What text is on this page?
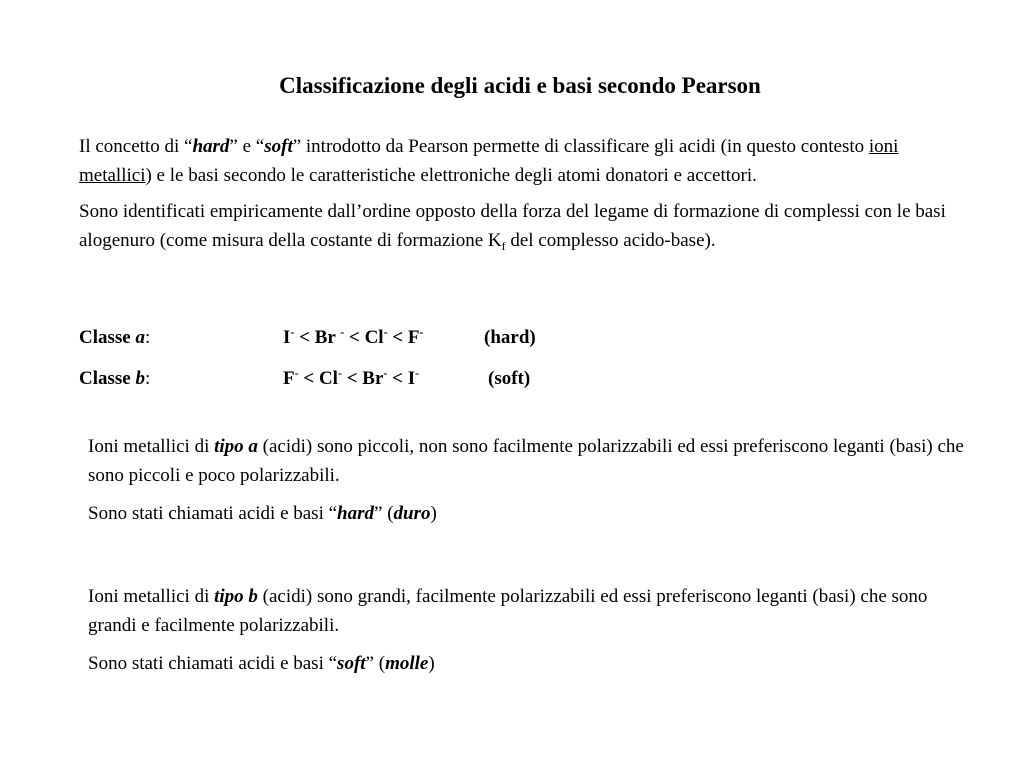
Classificazione degli acidi e basi secondo Pearson

Il concetto di “hard” e “soft” introdotto da Pearson permette di classificare gli acidi (in questo contesto ioni metallici) e le basi secondo le caratteristiche elettroniche degli atomi donatori e accettori.

Sono identificati empiricamente dall’ordine opposto della forza del legame di formazione di complessi con le basi alogenuro (come misura della costante di formazione $K_f$ del complesso acido-base).

Classe a:	I- < Br - < Cl- < F-	(hard)
Classe b:	F- < Cl- < Br- < I-	(soft)

Ioni metallici di tipo a (acidi) sono piccoli, non sono facilmente polarizzabili ed essi preferiscono leganti (basi) che sono piccoli e poco polarizzabili.

Sono stati chiamati acidi e basi “hard” (duro)

Ioni metallici di tipo b (acidi) sono grandi, facilmente polarizzabili ed essi preferiscono leganti (basi) che sono grandi e facilmente polarizzabili.

Sono stati chiamati acidi e basi “soft” (molle)
